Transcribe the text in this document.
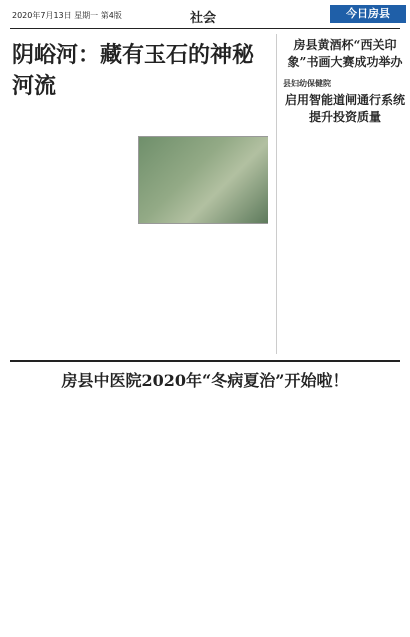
2020年7月13日 星期一 第4版	社会	今日房县
阴峪河：藏有玉石的神秘河流

房县黄酒杯“西关印象”书画大赛成功举办

县妇幼保健院
启用智能道闸通行系统提升投资质量

房县中医院2020年“冬病夏治”开始啦！
